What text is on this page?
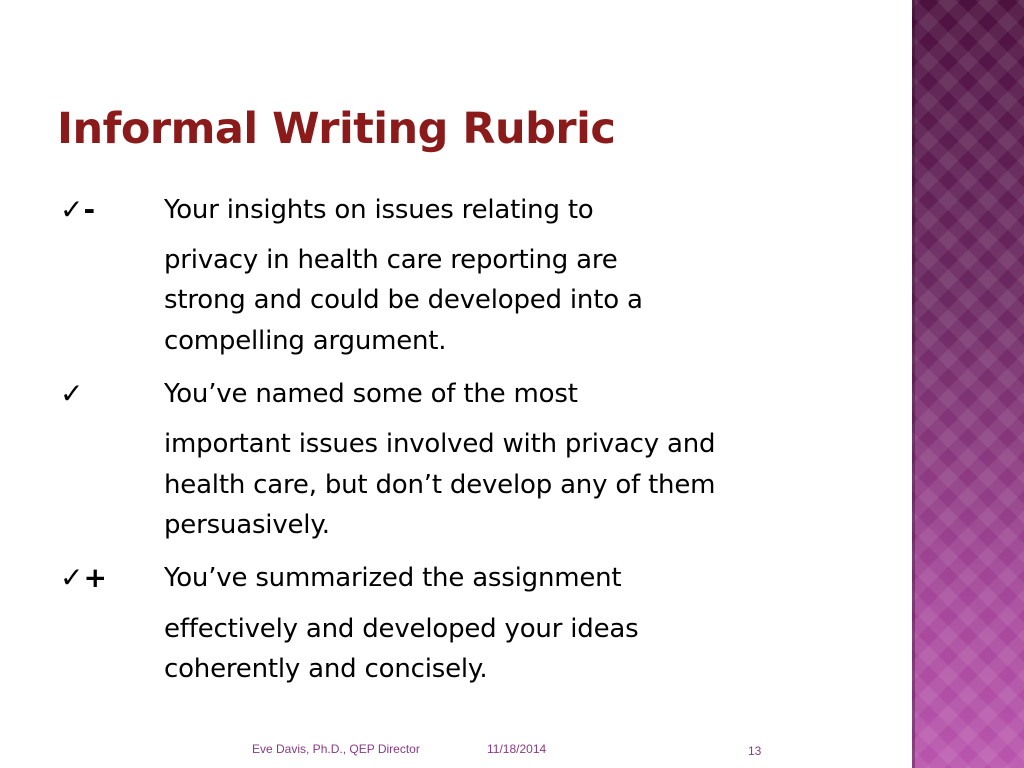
Informal Writing Rubric
✓-	Your insights on issues relating to
privacy in health care reporting are
strong and could be developed into a
compelling argument.
✓	You’ve named some of the most
important issues involved with privacy and
health care, but don’t develop any of them
persuasively.
✓+ You’ve summarized the assignment
effectively and developed your ideas
coherently and concisely.
Eve Davis, Ph.D., QEP Director	11/18/2014	13
